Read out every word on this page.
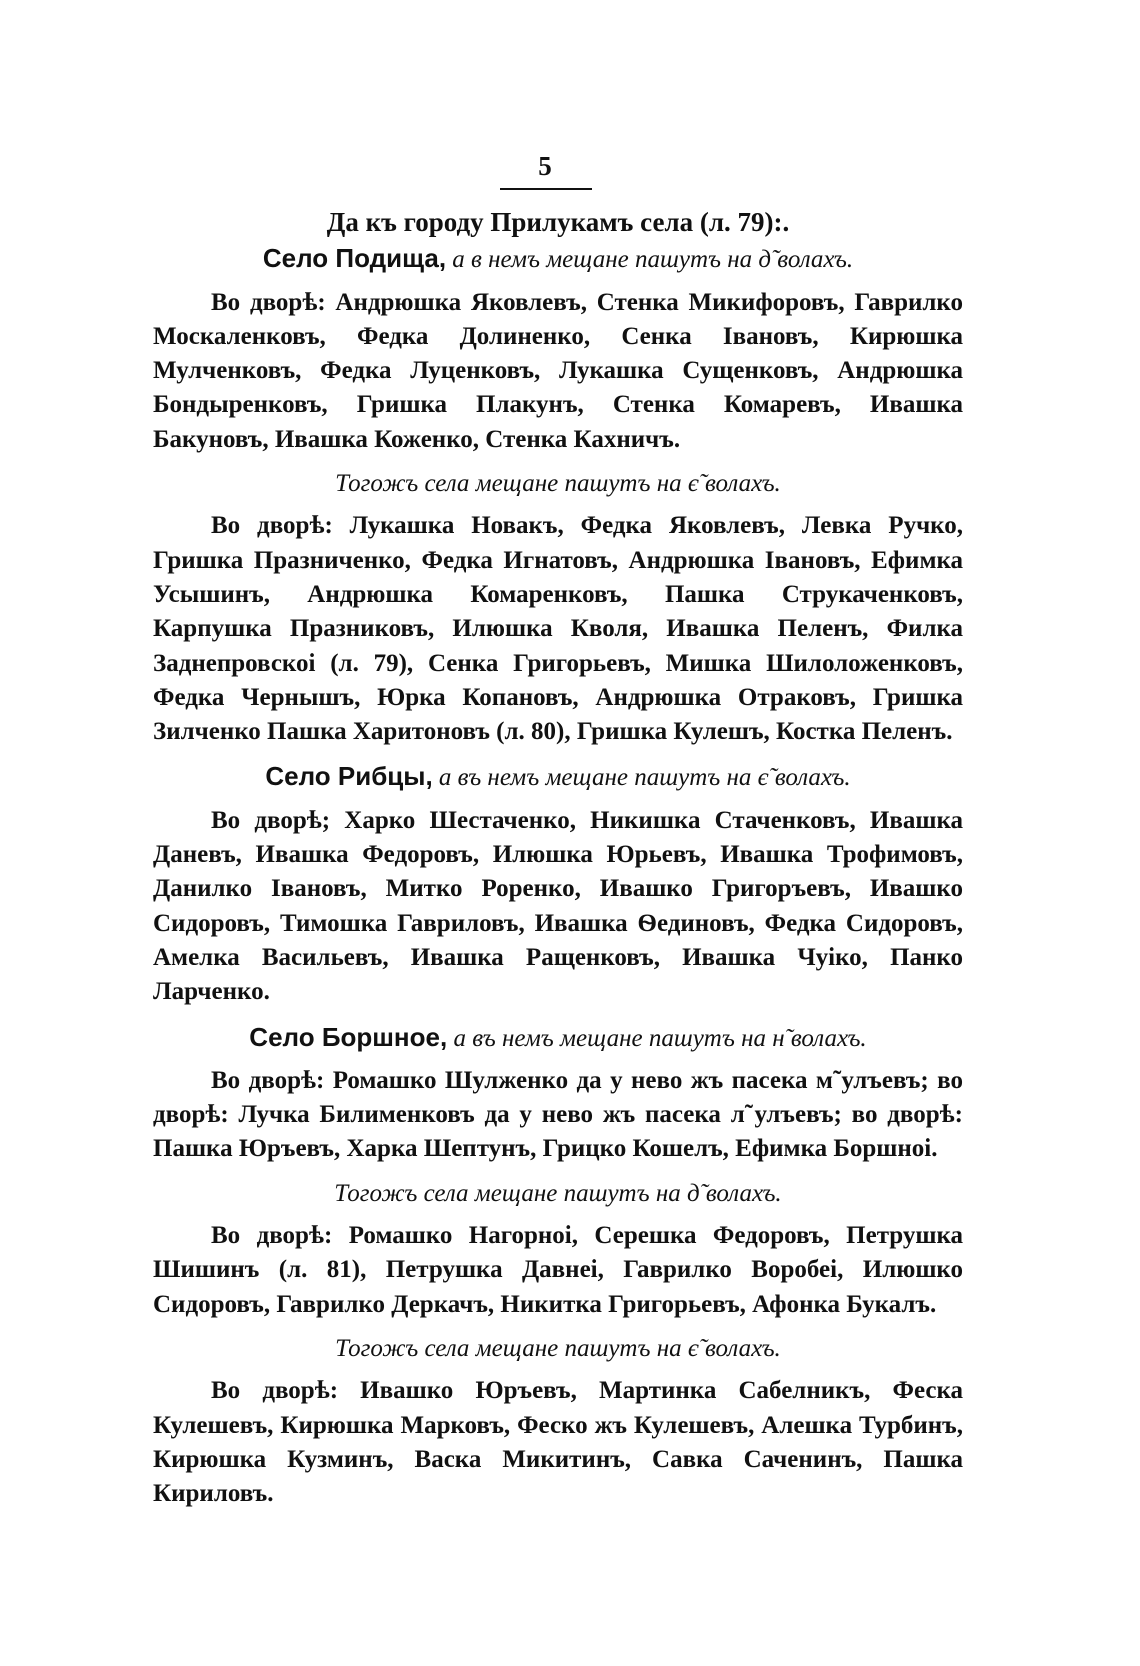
5
Да къ городу Прилукамъ села (л. 79):.
Село Подища, а в немъ мещане пашутъ на д̃ волахъ.

Во дворѣ: Андрюшка Яковлевъ, Стенка Микифоровъ, Гаврилко Москаленковъ, Федка Долиненко, Сенка Івановъ, Кирюшка Мулченковъ, Федка Луценковъ, Лукашка Сущенковъ, Андрюшка Бондыренковъ, Гришка Плакунъ, Стенка Комаревъ, Ивашка Бакуновъ, Ивашка Коженко, Стенка Кахничъ.

Тогожъ села мещане пашутъ на є̃ волахъ.

Во дворѣ: Лукашка Новакъ, Федка Яковлевъ, Левка Ручко, Гришка Празниченко, Федка Игнатовъ, Андрюшка Івановъ, Ефимка Усышинъ, Андрюшка Комаренковъ, Пашка Струкаченковъ, Карпушка Празниковъ, Илюшка Кволя, Ивашка Пеленъ, Филка Заднепровскоі (л. 79), Сенка Григорьевъ, Мишка Шилоложенковъ, Федка Чернышъ, Юрка Копановъ, Андрюшка Отраковъ, Гришка Зилченко Пашка Харитоновъ (л. 80), Гришка Кулешъ, Костка Пеленъ.

Село Рибцы, а въ немъ мещане пашутъ на є̃ волахъ.

Во дворѣ; Харко Шестаченко, Никишка Стаченковъ, Ивашка Даневъ, Ивашка Федоровъ, Илюшка Юрьевъ, Ивашка Трофимовъ, Данилко Івановъ, Митко Роренко, Ивашко Григоръевъ, Ивашко Сидоровъ, Тимошка Гавриловъ, Ивашка Ѳединовъ, Федка Сидоровъ, Амелка Васильевъ, Ивашка Ращенковъ, Ивашка Чуіко, Панко Ларченко.

Село Боршное, а въ немъ мещане пашутъ на н̃ волахъ.

Во дворѣ: Ромашко Шулженко да у нево жъ пасека м̃ улъевъ; во дворѣ: Лучка Билименковъ да у нево жъ пасека л̃ улъевъ; во дворѣ: Пашка Юръевъ, Харка Шептунъ, Грицко Кошелъ, Ефимка Боршноі.

Тогожъ села мещане пашутъ на д̃ волахъ.

Во дворѣ: Ромашко Нагорноі, Серешка Федоровъ, Петрушка Шишинъ (л. 81), Петрушка Давнеі, Гаврилко Воробеі, Илюшко Сидоровъ, Гаврилко Деркачъ, Никитка Григорьевъ, Афонка Букалъ.

Тогожъ села мещане пашутъ на є̃ волахъ.

Во дворѣ: Ивашко Юръевъ, Мартинка Сабелникъ, Феска Кулешевъ, Кирюшка Марковъ, Феско жъ Кулешевъ, Алешка Турбинъ, Кирюшка Кузминъ, Васка Микитинъ, Савка Саченинъ, Пашка Кириловъ.
